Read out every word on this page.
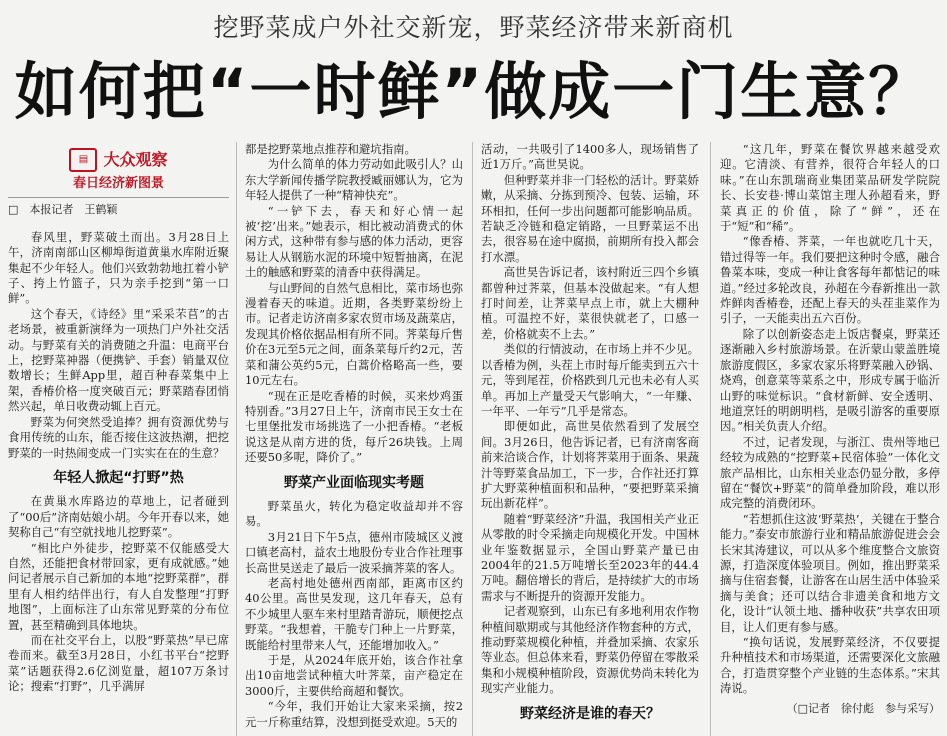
挖野菜成户外社交新宠，野菜经济带来新商机
如何把“一时鲜”做成一门生意？
▤ 大众观察
春日经济新图景
□　本报记者　王鹤颖

春风里，野菜破土而出。3月28日上午，济南南部山区柳埠街道黄巢水库附近聚集起不少年轻人。他们兴致勃勃地扛着小铲子、挎上竹篮子，只为亲手挖到“第一口鲜”。

这个春天，《诗经》里“采采芣苢”的古老场景，被重新演绎为一项热门户外社交活动。与野菜有关的消费随之升温：电商平台上，挖野菜神器（便携铲、手套）销量双位数增长；生鲜App里，超百种春菜集中上架，香椿价格一度突破百元；野菜踏春团悄然兴起，单日收费动辄上百元。

野菜为何突然受追捧？拥有资源优势与食用传统的山东，能否接住这波热潮，把挖野菜的一时热闹变成一门实实在在的生意？

年轻人掀起“打野”热

在黄巢水库路边的草地上，记者碰到了“00后”济南姑娘小胡。今年开春以来，她契称自己“有空就找地儿挖野菜”。

“相比户外徒步，挖野菜不仅能感受大自然，还能把食材带回家，更有成就感。”她问记者展示自己新加的本地“挖野菜群”，群里有人相约结伴出行，有人自发整理“打野地图”，上面标注了山东常见野菜的分布位置，甚至精确到具体地块。

而在社交平台上，以股“野菜热”早已席卷而来。截至3月28日，小红书平台“挖野菜”话题获得2.6亿浏览量，超107万条讨论；搜索“打野”，几乎满屏

都是挖野菜地点推荐和避坑指南。

为什么简单的体力劳动如此吸引人？山东大学新闻传播学院教授臧丽娜认为，它为年轻人提供了一种“精神快充”。

“一铲下去，春天和好心情一起被‘挖’出来。”她表示，相比被动消费式的休闲方式，这种带有参与感的体力活动，更容易让人从钢筋水泥的环境中短暂抽离，在泥土的触感和野菜的清香中获得满足。

与山野间的自然气息相比，菜市场也弥漫着春天的味道。近期，各类野菜纷纷上市。记者走访济南多家农贸市场及蔬菜店，发现其价格依据品相有所不同。荠菜每斤售价在3元至5元之间，面条菜每斤约2元，苦菜和蒲公英约5元，白蒿价格略高一些，要10元左右。

“现在正是吃香椿的时候，买来炒鸡蛋特别香。”3月27日上午，济南市民王女士在七里堡批发市场挑选了一小把香椿。“老板说这是从南方进的货，每斤26块钱。上周还要50多呢，降价了。”

野菜产业面临现实考题

野菜虽火，转化为稳定收益却并不容易。

3月21日下午5点，德州市陵城区义渡口镇老高村，益农土地股份专业合作社理事长高世昊送走了最后一波采摘荠菜的客人。

老高村地处德州西南部，距离市区约40公里。高世昊发现，这几年春天，总有不少城里人驱车来村里踏青游玩，顺便挖点野菜。“我想着，干脆专门种上一片野菜，既能给村里带来人气，还能增加收入。”

于是，从2024年底开始，该合作社拿出10亩地尝试种植大叶荠菜，亩产稳定在3000斤，主要供给商超和餐饮。

“今年，我们开始让大家来采摘，按2元一斤称重结算，没想到挺受欢迎。5天的

活动，一共吸引了1400多人，现场销售了近1万斤。”高世昊说。

但种野菜并非一门轻松的活计。野菜娇嫩，从采摘、分拣到预冷、包装、运输，环环相扣，任何一步出问题都可能影响品质。若缺乏冷链和稳定销路，一旦野菜运不出去，很容易在途中腐损，前期所有投入都会打水漂。

高世昊告诉记者，该村附近三四个乡镇都曾种过荠菜，但基本没做起来。“有人想打时间差，让荠菜早点上市，就上大棚种植。可温控不好，菜很快就老了，口感一差，价格就卖不上去。”

类似的行情波动，在市场上并不少见。以香椿为例，头茬上市时每斤能卖到五六十元，等到尾茬，价格跌到几元也未必有人买单。再加上产量受天气影响大，“一年赚、一年平、一年亏”几乎是常态。

即便如此，高世昊依然看到了发展空间。3月26日，他告诉记者，已有济南客商前来洽谈合作，计划将荠菜用于面条、果蔬汁等野菜食品加工，下一步，合作社还打算扩大野菜种植面积和品种，“要把野菜采摘玩出新花样”。

随着“野菜经济”升温，我国相关产业正从零散的时令采摘走向规模化开发。中国林业年鉴数据显示，全国山野菜产量已由2004年的21.5万吨增长至2023年的44.4万吨。翻倍增长的背后，是持续扩大的市场需求与不断提升的资源开发能力。

记者观察到，山东已有多地利用农作物种植间歇期或与其他经济作物套种的方式，推动野菜规模化种植，并叠加采摘、农家乐等业态。但总体来看，野菜仍停留在零散采集和小规模种植阶段，资源优势尚未转化为现实产业能力。

野菜经济是谁的春天？

“这几年，野菜在餐饮界越来越受欢迎。它清淡、有营养，很符合年轻人的口味。”在山东凯瑞商业集团菜品研发学院院长、长安巷·博山菜馆主理人孙超看来，野菜真正的价值，除了“鲜”，还在于“短”和“稀”。

“像香椿、荠菜，一年也就吃几十天，错过得等一年。我们要把这种时令感，融合鲁菜本味，变成一种让食客每年都惦记的味道。”经过多轮改良，孙超在今春新推出一款炸鲜肉香椿卷，还配上春天的头茬韭菜作为引子，一天能卖出五六百份。

除了以创新姿态走上饭店餐桌，野菜还逐渐融入乡村旅游场景。在沂蒙山蒙盖胜境旅游度假区，多家农家乐将野菜融入砂锅、烧鸡，创意菜等菜系之中，形成专属于临沂山野的味觉标识。“食材新鲜、安全透明、地道烹饪的明朗明档，是吸引游客的重要原因。”相关负责人介绍。

不过，记者发现，与浙江、贵州等地已经较为成熟的“挖野菜+民宿体验”一体化文旅产品相比，山东相关业态仍显分散，多停留在“餐饮+野菜”的简单叠加阶段，难以形成完整的消费闭环。

“若想抓住这波‘野菜热’，关键在于整合能力。”泰安市旅游行业和精品旅游促进会会长宋其涛建议，可以从多个维度整合文旅资源，打造深度体验项目。例如，推出野菜采摘与住宿套餐，让游客在山居生活中体验采摘与美食；还可以结合非遗美食和地方文化，设计“认领土地、播种收获”共享农田项目，让人们更有参与感。

“换句话说，发展野菜经济，不仅要提升种植技术和市场渠道，还需要深化文旅融合，打造贯穿整个产业链的生态体系。”宋其涛说。

（□记者　徐付彪　参与采写）
